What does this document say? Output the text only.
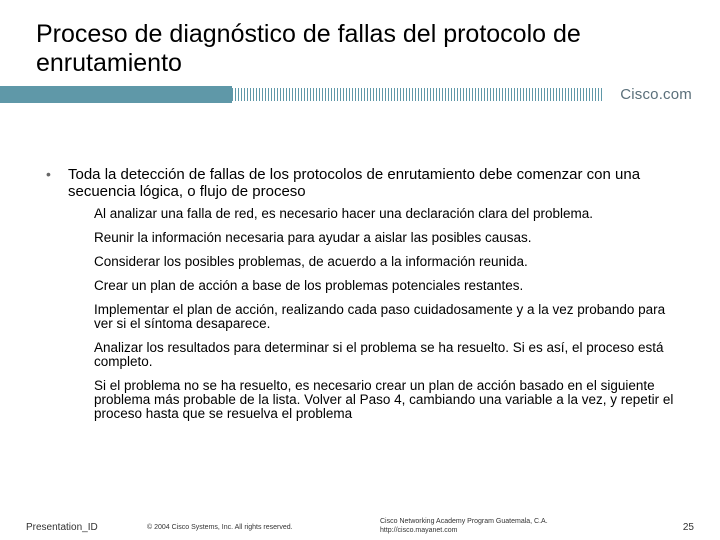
Proceso de diagnóstico de fallas del protocolo de enrutamiento
Cisco.com
• Toda la detección de fallas de los protocolos de enrutamiento debe comenzar con una secuencia lógica, o flujo de proceso
Al analizar una falla de red, es necesario hacer una declaración clara del problema.
Reunir la información necesaria para ayudar a aislar las posibles causas.
Considerar los posibles problemas, de acuerdo a la información reunida.
Crear un plan de acción a base de los problemas potenciales restantes.
Implementar el plan de acción, realizando cada paso cuidadosamente y a la vez probando para ver si el síntoma desaparece.
Analizar los resultados para determinar si el problema se ha resuelto. Si es así, el proceso está completo.
Si el problema no se ha resuelto, es necesario crear un plan de acción basado en el siguiente problema más probable de la lista. Volver al Paso 4, cambiando una variable a la vez, y repetir el proceso hasta que se resuelva el problema
Presentation_ID	© 2004 Cisco Systems, Inc. All rights reserved.
Cisco Networking Academy Program Guatemala, C.A.
http://cisco.mayanet.com	25
